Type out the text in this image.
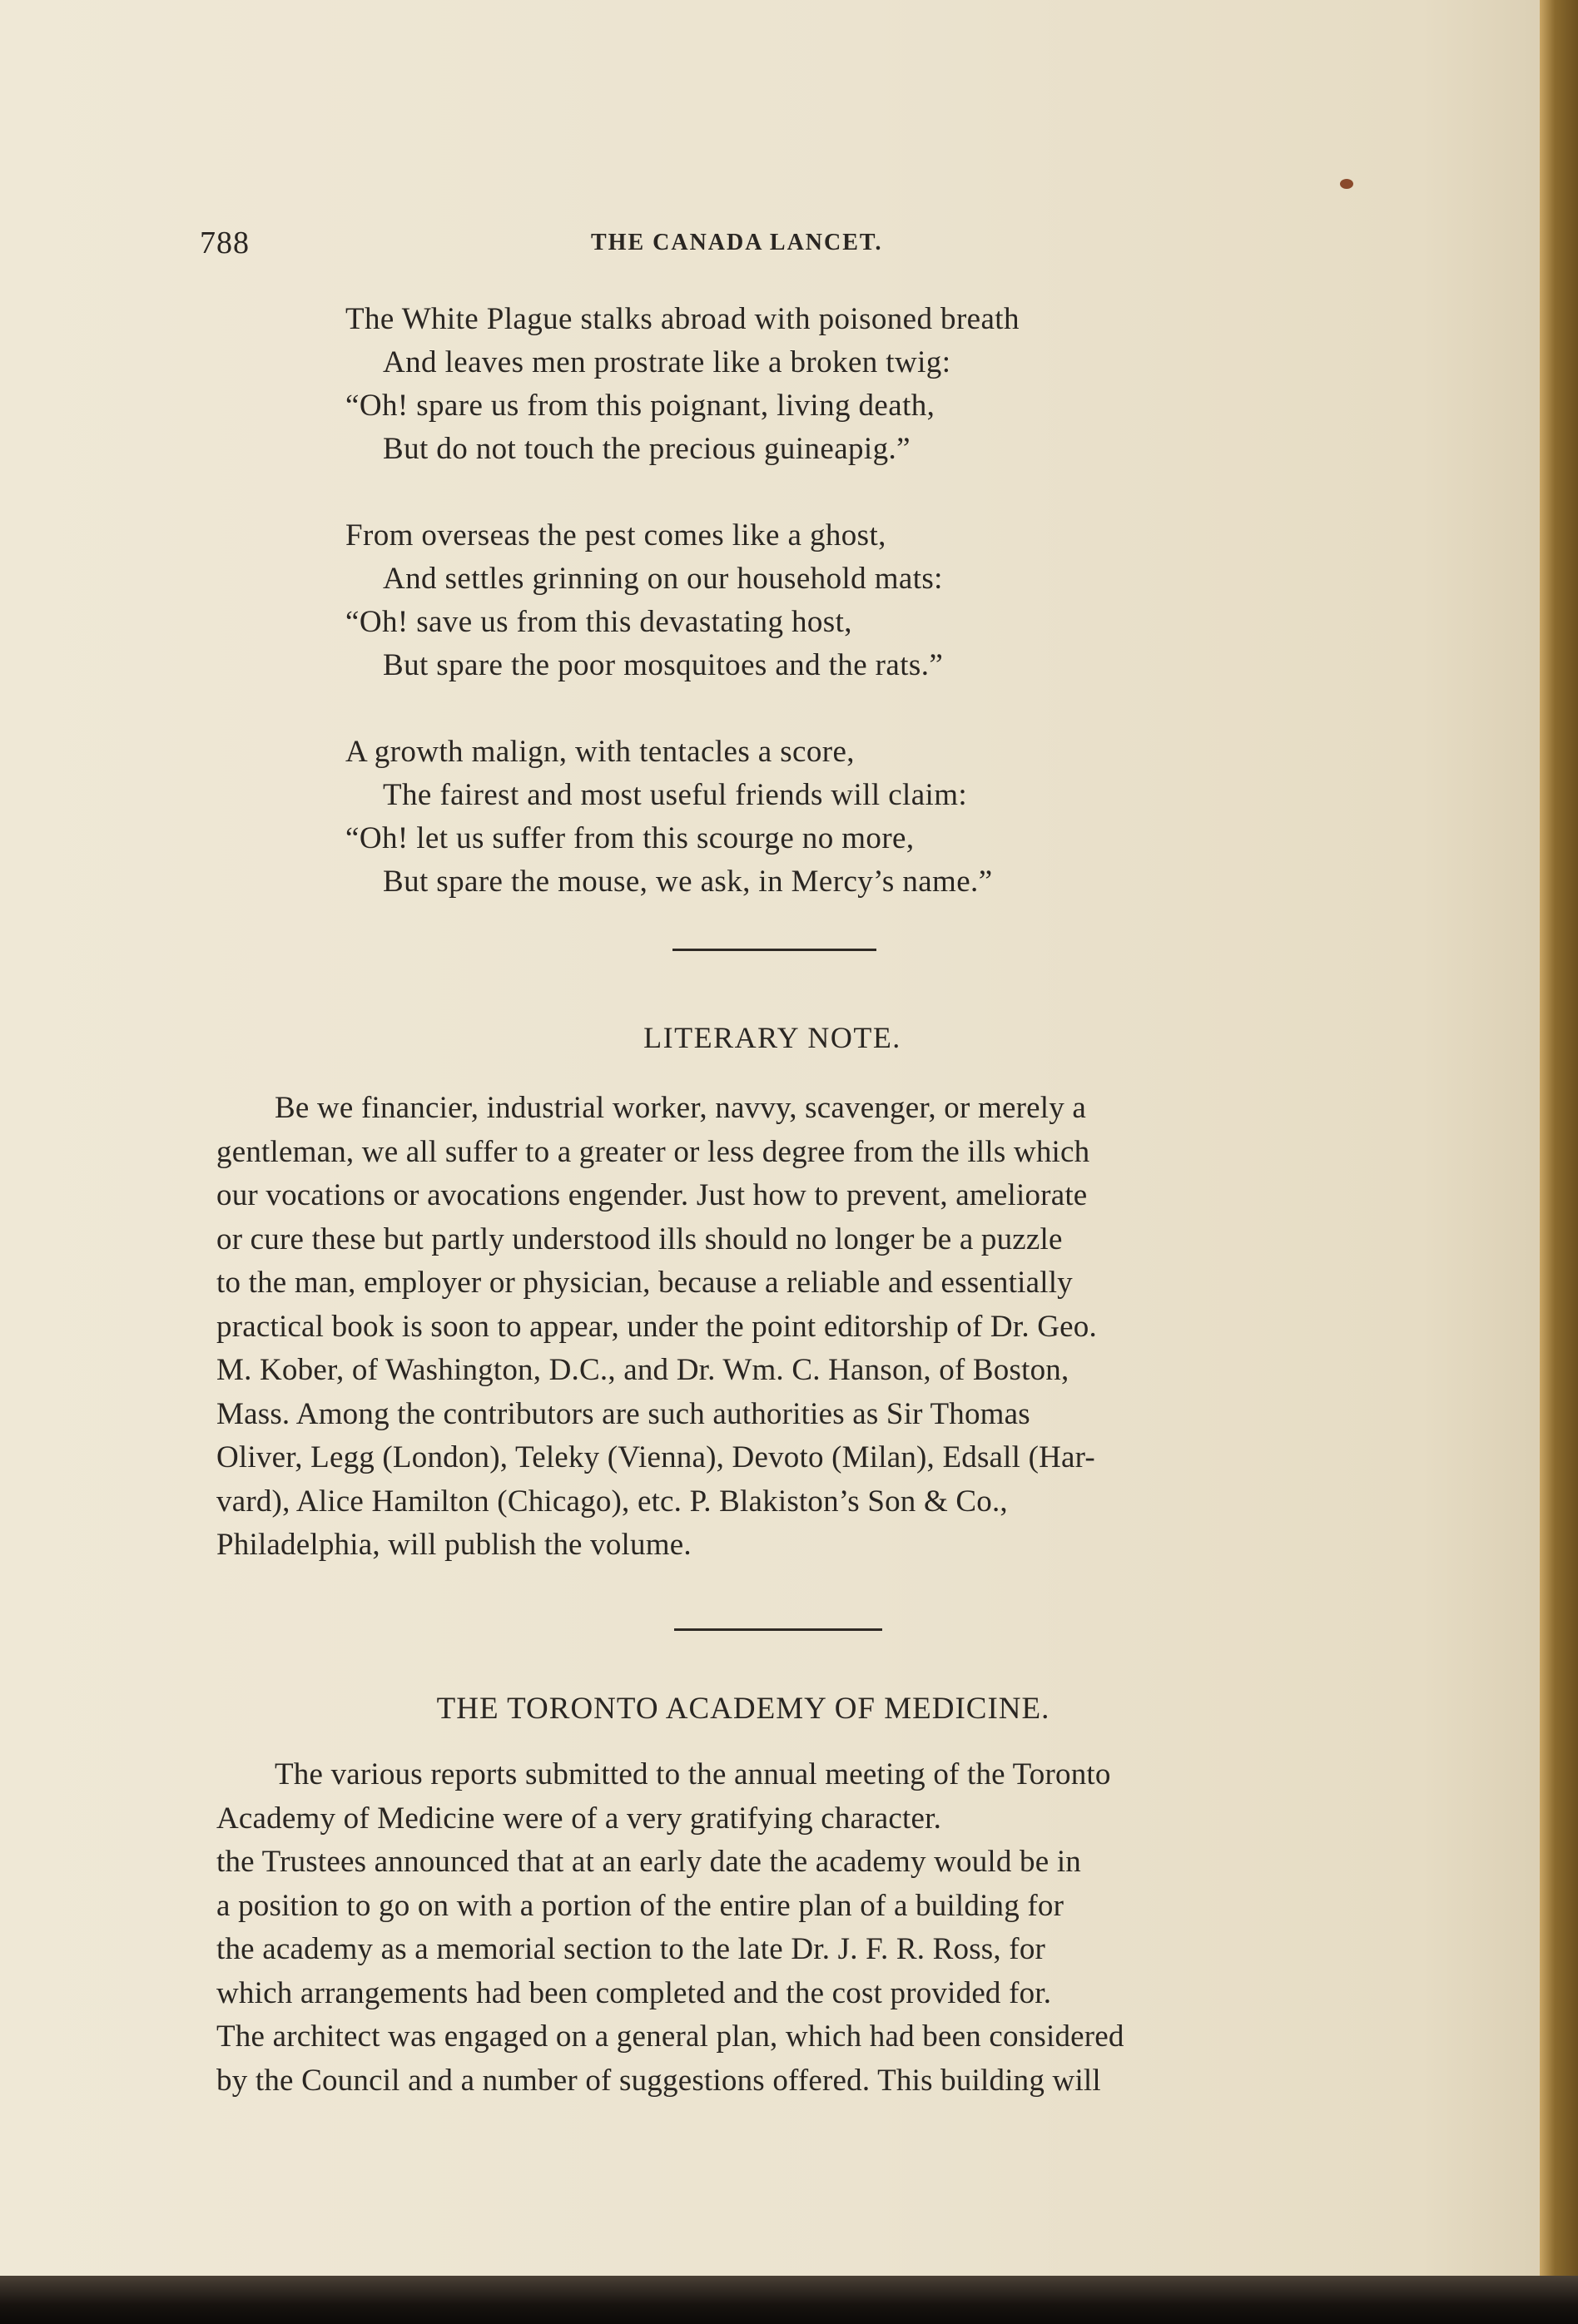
788	THE CANADA LANCET.
The White Plague stalks abroad with poisoned breath
And leaves men prostrate like a broken twig:
“Oh! spare us from this poignant, living death,
But do not touch the precious guineapig.”
From overseas the pest comes like a ghost,
And settles grinning on our household mats:
“Oh! save us from this devastating host,
But spare the poor mosquitoes and the rats.”
A growth malign, with tentacles a score,
The fairest and most useful friends will claim:
“Oh! let us suffer from this scourge no more,
But spare the mouse, we ask, in Mercy’s name.”
LITERARY NOTE.
Be we financier, industrial worker, navvy, scavenger, or merely a
gentleman, we all suffer to a greater or less degree from the ills which
our vocations or avocations engender. Just how to prevent, ameliorate
or cure these but partly understood ills should no longer be a puzzle
to the man, employer or physician, because a reliable and essentially
practical book is soon to appear, under the point editorship of Dr. Geo.
M. Kober, of Washington, D.C., and Dr. Wm. C. Hanson, of Boston,
Mass. Among the contributors are such authorities as Sir Thomas
Oliver, Legg (London), Teleky (Vienna), Devoto (Milan), Edsall (Har-
vard), Alice Hamilton (Chicago), etc. P. Blakiston’s Son & Co.,
Philadelphia, will publish the volume.
THE TORONTO ACADEMY OF MEDICINE.
The various reports submitted to the annual meeting of the Toronto
Academy of Medicine were of a very gratifying character.
the Trustees announced that at an early date the academy would be in
a position to go on with a portion of the entire plan of a building for
the academy as a memorial section to the late Dr. J. F. R. Ross, for
which arrangements had been completed and the cost provided for.
The architect was engaged on a general plan, which had been considered
by the Council and a number of suggestions offered. This building will
